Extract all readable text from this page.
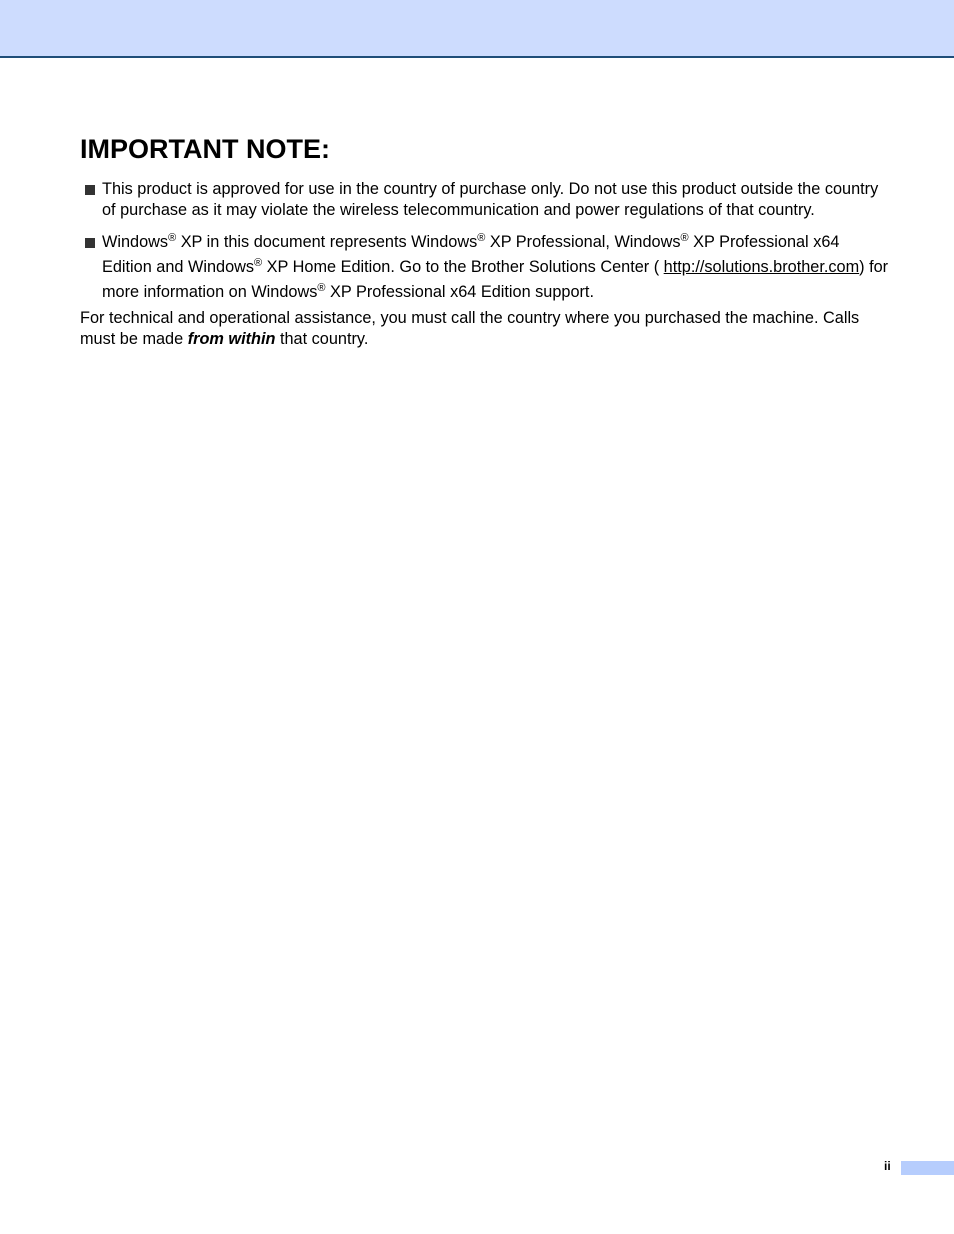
IMPORTANT NOTE:
This product is approved for use in the country of purchase only. Do not use this product outside the country of purchase as it may violate the wireless telecommunication and power regulations of that country.
Windows® XP in this document represents Windows® XP Professional, Windows® XP Professional x64 Edition and Windows® XP Home Edition. Go to the Brother Solutions Center ( http://solutions.brother.com) for more information on Windows® XP Professional x64 Edition support.

For technical and operational assistance, you must call the country where you purchased the machine. Calls must be made from within that country.

ii
